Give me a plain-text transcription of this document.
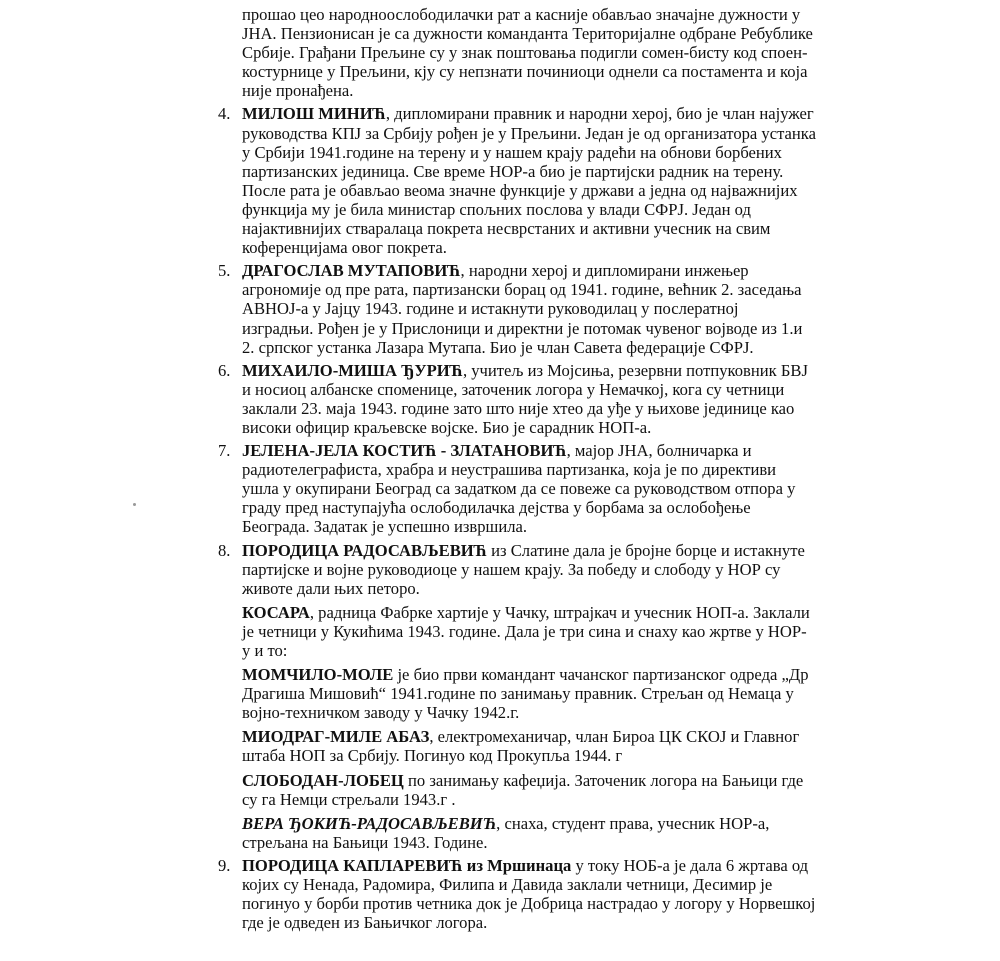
прошао цео народноослободилачки рат а касније обављао значајне дужности у
ЈНА. Пензионисан је са дужности команданта Територијалне одбране Ребублике
Србије. Грађани Прељине су у знак поштовања подигли сомен-бисту код споен-
костурнице у Прељини, кју су непзнати починиоци однели са постамента и која
није пронађена.
4. МИЛОШ МИНИЋ, дипломирани правник и народни херој, био је члан најужег
руководства КПЈ за Србију рођен је у Прељини. Један је од организатора устанка
у Србији 1941.године на терену и у нашем крају радећи на обнови борбених
партизанских јединица. Све време НОР-а био је партијски радник на терену.
После рата је обављао веома значне функције у држави а једна од најважнијих
функција му је била министар спољних послова у влади СФРЈ. Један од
најактивнијих стваралаца покрета несврстаних и активни учесник на свим
коференцијама овог покрета.
5. ДРАГОСЛАВ МУТАПОВИЋ, народни херој и дипломирани инжењер
агрономије од пре рата, партизански борац од 1941. године, већник 2. заседања
АВНОЈ-а у Јајцу 1943. године и истакнути руководилац у послератној
изградњи. Рођен је у Прислоници и директни је потомак чувеног војводе из 1.и
2. српског устанка Лазара Мутапа. Био је члан Савета федерације СФРЈ.
6. МИХАИЛО-МИША ЂУРИЋ, учитељ из Мојсиња, резервни потпуковник БВЈ
и носиоц албанске споменице, заточеник логора у Немачкој, кога су четници
заклали 23. маја 1943. године зато што није хтео да уђе у њихове јединице као
високи официр краљевске војске. Био је сарадник НОП-а.
7. ЈЕЛЕНА-ЈЕЛА КОСТИЋ - ЗЛАТАНОВИЋ, мајор ЈНА, болничарка и
радиотелеграфиста, храбра и неустрашива партизанка, која је по директиви
ушла у окупирани Београд са задатком да се повеже са руководством отпора у
граду пред наступајућа ослободилачка дејства у борбама за ослобођење
Београда. Задатак је успешно извршила.
8. ПОРОДИЦА РАДОСАВЉЕВИЋ из Слатине дала је бројне борце и истакнуте
партијске и војне руководиоце у нашем крају. За победу и слободу у НОР су
животе дали њих петоро.
КОСАРА, радница Фабрке хартије у Чачку, штрајкач и учесник НОП-а. Заклали
је четници у Кукићима 1943. године. Дала је три сина и снаху као жртве у НОР-
у и то:
МОМЧИЛО-МОЛЕ је био први командант чачанског партизанског одреда „Др
Драгиша Мишовић“ 1941.године по занимању правник. Стрељан од Немаца у
војно-техничком заводу у Чачку 1942.г.
МИОДРАГ-МИЛЕ АБАЗ, електромеханичар, члан Бироа ЦК СКОЈ и Главног
штаба НОП за Србију. Погинуо код Прокупља 1944. г
СЛОБОДАН-ЛОБЕЦ по занимању кафеџија. Заточеник логора на Бањици где
су га Немци стрељали 1943.г .
ВЕРА ЂОКИЋ-РАДОСАВЉЕВИЋ, снаха, студент права, учесник НОР-а,
стрељана на Бањици 1943. Године.
9. ПОРОДИЦА КАПЛАРЕВИЋ из Мршинаца у току НОБ-а је дала 6 жртава од
којих су Ненада, Радомира, Филипа и Давида заклали четници, Десимир је
погинуо у борби против четника док је Добрица настрадао у логору у Норвешкој
где је одведен из Бањичког логора.
